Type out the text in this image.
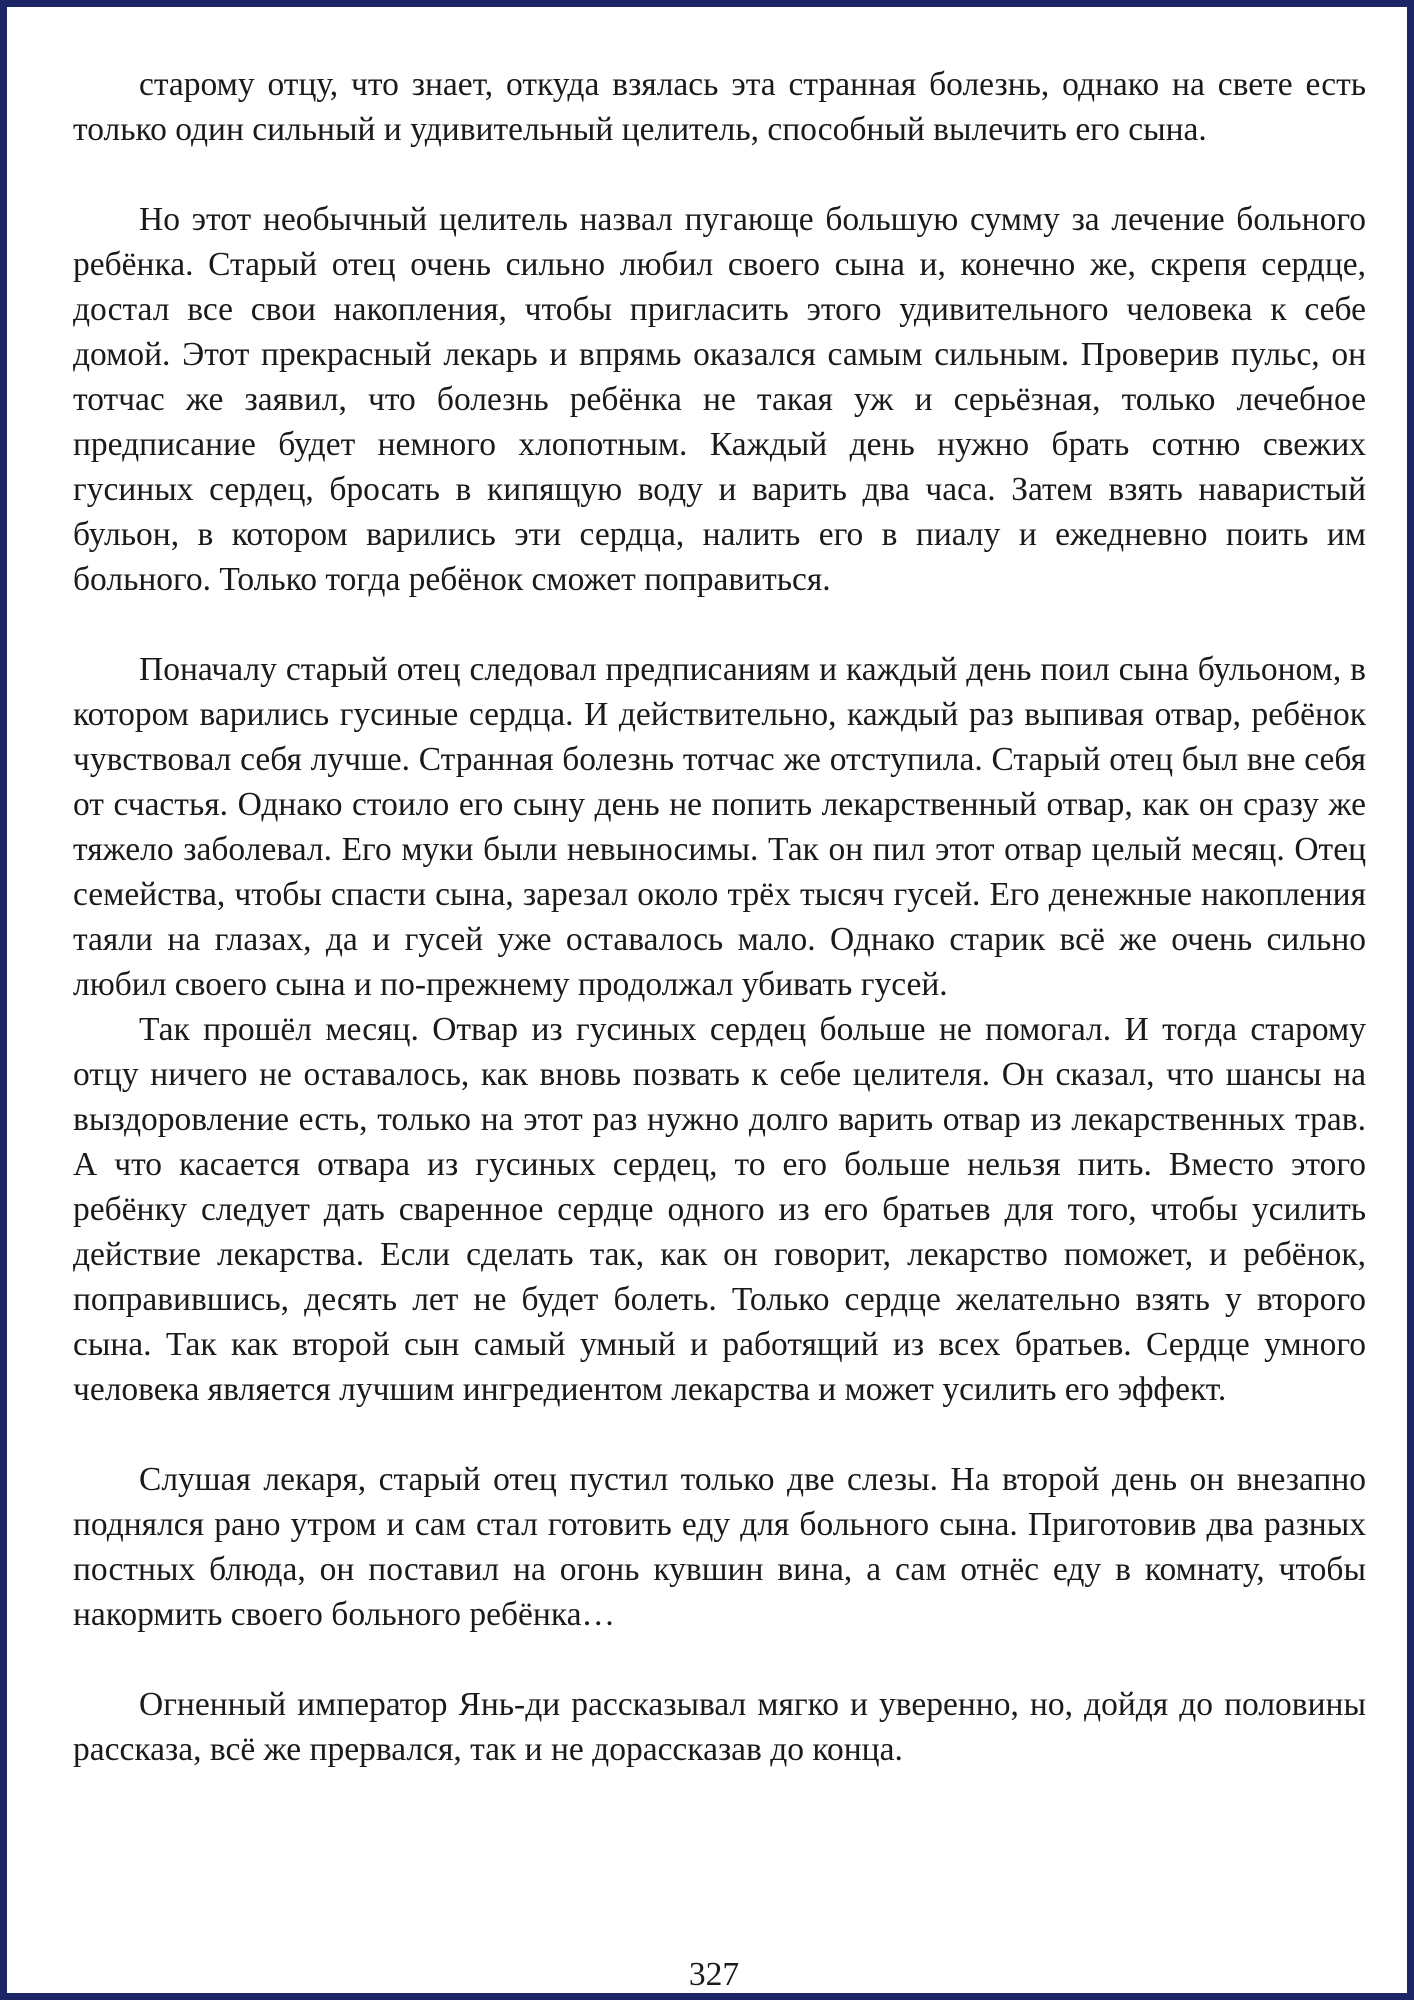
старому отцу, что знает, откуда взялась эта странная болезнь, однако на свете есть только один сильный и удивительный целитель, способный вылечить его сына.

Но этот необычный целитель назвал пугающе большую сумму за лечение больного ребёнка. Старый отец очень сильно любил своего сына и, конечно же, скрепя сердце, достал все свои накопления, чтобы пригласить этого удивительного человека к себе домой. Этот прекрасный лекарь и впрямь оказался самым сильным. Проверив пульс, он тотчас же заявил, что болезнь ребёнка не такая уж и серьёзная, только лечебное предписание будет немного хлопотным. Каждый день нужно брать сотню свежих гусиных сердец, бросать в кипящую воду и варить два часа. Затем взять наваристый бульон, в котором варились эти сердца, налить его в пиалу и ежедневно поить им больного. Только тогда ребёнок сможет поправиться.

Поначалу старый отец следовал предписаниям и каждый день поил сына бульоном, в котором варились гусиные сердца. И действительно, каждый раз выпивая отвар, ребёнок чувствовал себя лучше. Странная болезнь тотчас же отступила. Старый отец был вне себя от счастья. Однако стоило его сыну день не попить лекарственный отвар, как он сразу же тяжело заболевал. Его муки были невыносимы. Так он пил этот отвар целый месяц. Отец семейства, чтобы спасти сына, зарезал около трёх тысяч гусей. Его денежные накопления таяли на глазах, да и гусей уже оставалось мало. Однако старик всё же очень сильно любил своего сына и по-прежнему продолжал убивать гусей.

Так прошёл месяц. Отвар из гусиных сердец больше не помогал. И тогда старому отцу ничего не оставалось, как вновь позвать к себе целителя. Он сказал, что шансы на выздоровление есть, только на этот раз нужно долго варить отвар из лекарственных трав. А что касается отвара из гусиных сердец, то его больше нельзя пить. Вместо этого ребёнку следует дать сваренное сердце одного из его братьев для того, чтобы усилить действие лекарства. Если сделать так, как он говорит, лекарство поможет, и ребёнок, поправившись, десять лет не будет болеть. Только сердце желательно взять у второго сына. Так как второй сын самый умный и работящий из всех братьев. Сердце умного человека является лучшим ингредиентом лекарства и может усилить его эффект.

Слушая лекаря, старый отец пустил только две слезы. На второй день он внезапно поднялся рано утром и сам стал готовить еду для больного сына. Приготовив два разных постных блюда, он поставил на огонь кувшин вина, а сам отнёс еду в комнату, чтобы накормить своего больного ребёнка…

Огненный император Янь-ди рассказывал мягко и уверенно, но, дойдя до половины рассказа, всё же прервался, так и не дорассказав до конца.

327
